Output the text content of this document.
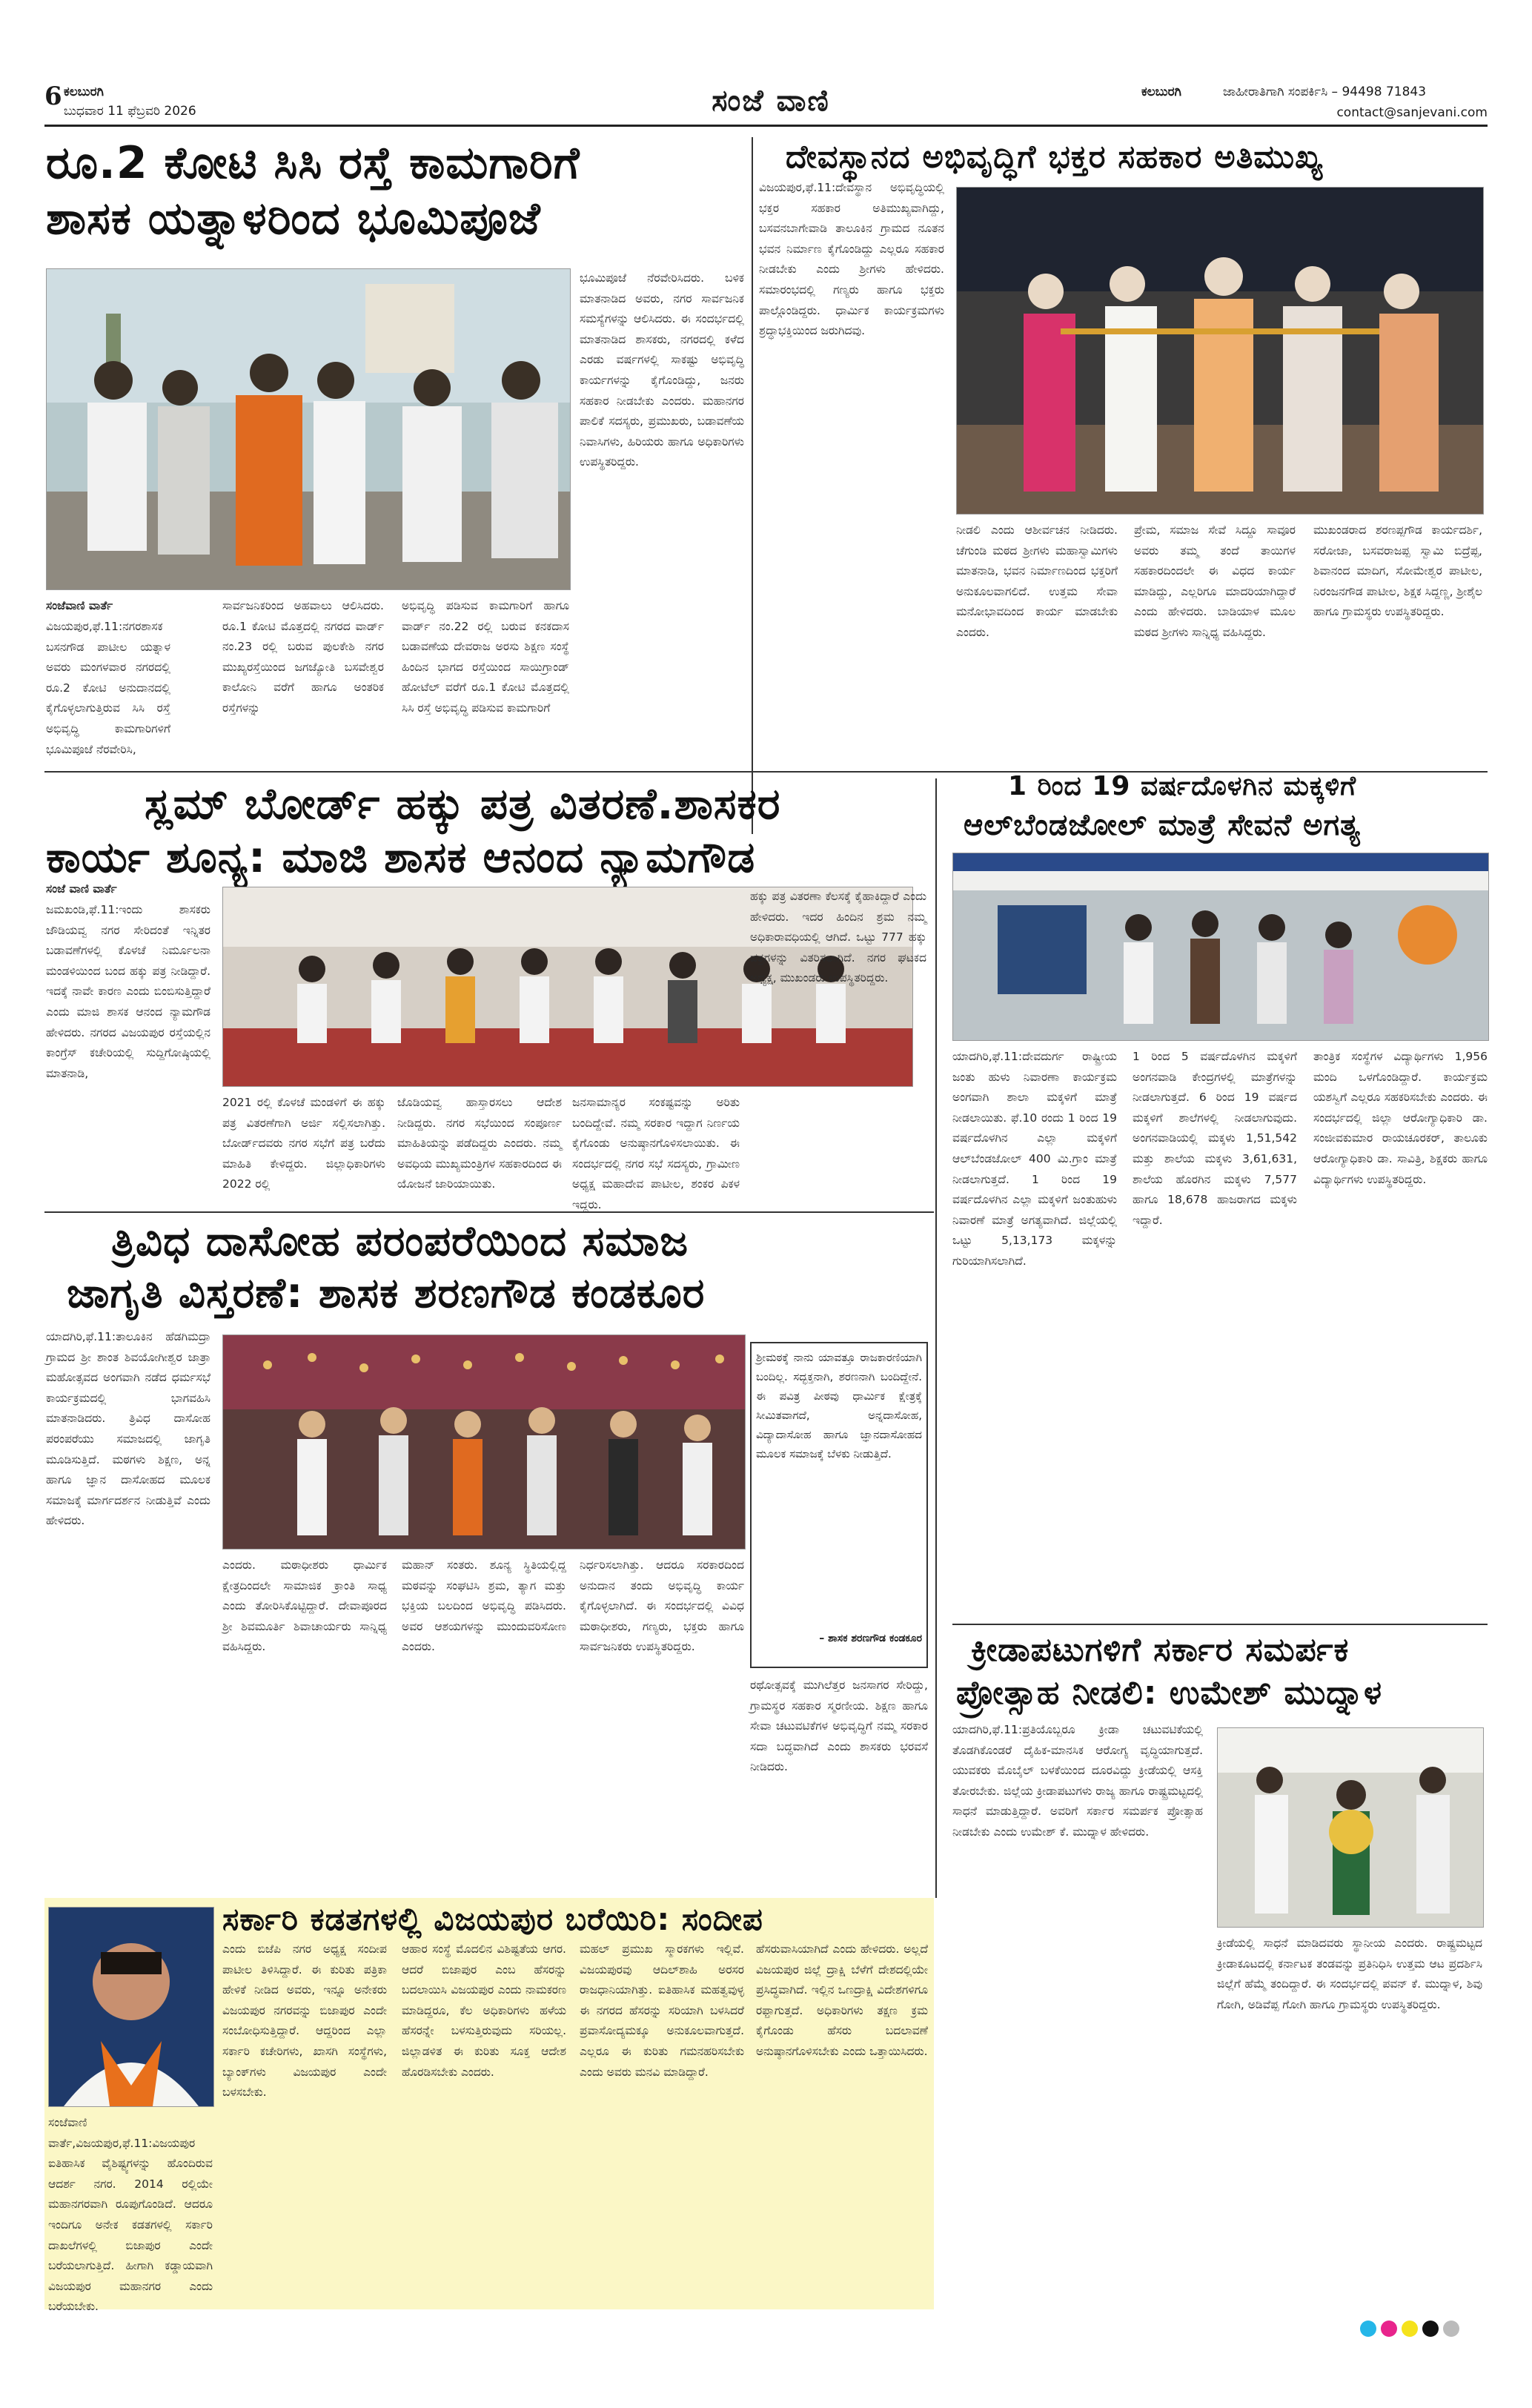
6 ಕಲಬುರಗಿ
ಬುಧವಾರ 11 ಫೆಬ್ರವರಿ 2026	ಸಂಜೆ ವಾಣಿ	ಕಲಬುರಗಿ	ಜಾಹೀರಾತಿಗಾಗಿ ಸಂಪರ್ಕಿಸಿ – 94498 71843
contact@sanjevani.com
ರೂ.2 ಕೋಟಿ ಸಿಸಿ ರಸ್ತೆ ಕಾಮಗಾರಿಗೆ
ಶಾಸಕ ಯತ್ನಾಳರಿಂದ ಭೂಮಿಪೂಜೆ
ಸಂಜೆವಾಣಿ ವಾರ್ತೆ
ವಿಜಯಪುರ,ಫೆ.11:ನಗರಶಾಸಕ ಬಸನಗೌಡ ಪಾಟೀಲ ಯತ್ನಾಳ ಅವರು ಮಂಗಳವಾರ ನಗರದಲ್ಲಿ ರೂ.2 ಕೋಟಿ ಅನುದಾನದಲ್ಲಿ ಕೈಗೊಳ್ಳಲಾಗುತ್ತಿರುವ ಸಿಸಿ ರಸ್ತೆ ಅಭಿವೃದ್ಧಿ ಕಾಮಗಾರಿಗಳಿಗೆ ಭೂಮಿಪೂಜೆ ನೆರವೇರಿಸಿ,
ಸಾರ್ವಜನಿಕರಿಂದ ಅಹವಾಲು ಆಲಿಸಿದರು. ರೂ.1 ಕೋಟಿ ಮೊತ್ತದಲ್ಲಿ ನಗರದ ವಾರ್ಡ್ ನಂ.23 ರಲ್ಲಿ ಬರುವ ಪುಲಕೇಶಿ ನಗರ ಮುಖ್ಯರಸ್ತೆಯಿಂದ ಜಗಜ್ಯೋತಿ ಬಸವೇಶ್ವರ ಕಾಲೋನಿ ವರೆಗೆ ಹಾಗೂ ಅಂತರಿಕ ರಸ್ತೆಗಳನ್ನು
ಅಭಿವೃದ್ಧಿ ಪಡಿಸುವ ಕಾಮಗಾರಿಗೆ ಹಾಗೂ ವಾರ್ಡ್ ನಂ.22 ರಲ್ಲಿ ಬರುವ ಕನಕದಾಸ ಬಡಾವಣೆಯ ದೇವರಾಜ ಅರಸು ಶಿಕ್ಷಣ ಸಂಸ್ಥೆ ಹಿಂದಿನ ಭಾಗದ ರಸ್ತೆಯಿಂದ ಸಾಯಿಗ್ರಾಂಡ್ ಹೋಟೆಲ್ ವರೆಗೆ ರೂ.1 ಕೋಟಿ ಮೊತ್ತದಲ್ಲಿ ಸಿಸಿ ರಸ್ತೆ ಅಭಿವೃದ್ಧಿ ಪಡಿಸುವ ಕಾಮಗಾರಿಗೆ
ಭೂಮಿಪೂಜೆ ನೆರವೇರಿಸಿದರು. ಬಳಿಕ ಮಾತನಾಡಿದ ಅವರು, ನಗರ ಸಾರ್ವಜನಿಕ ಸಮಸ್ಯೆಗಳನ್ನು ಆಲಿಸಿದರು. ಈ ಸಂದರ್ಭದಲ್ಲಿ ಮಾತನಾಡಿದ ಶಾಸಕರು, ನಗರದಲ್ಲಿ ಕಳೆದ ಎರಡು ವರ್ಷಗಳಲ್ಲಿ ಸಾಕಷ್ಟು ಅಭಿವೃದ್ಧಿ ಕಾರ್ಯಗಳನ್ನು ಕೈಗೊಂಡಿದ್ದು, ಜನರು ಸಹಕಾರ ನೀಡಬೇಕು ಎಂದರು. ಮಹಾನಗರ ಪಾಲಿಕೆ ಸದಸ್ಯರು, ಪ್ರಮುಖರು, ಬಡಾವಣೆಯ ನಿವಾಸಿಗಳು, ಹಿರಿಯರು ಹಾಗೂ ಅಧಿಕಾರಿಗಳು ಉಪಸ್ಥಿತರಿದ್ದರು.
ದೇವಸ್ಥಾನದ ಅಭಿವೃದ್ಧಿಗೆ ಭಕ್ತರ ಸಹಕಾರ ಅತಿಮುಖ್ಯ
ವಿಜಯಪುರ,ಫೆ.11:ದೇವಸ್ಥಾನ ಅಭಿವೃದ್ಧಿಯಲ್ಲಿ ಭಕ್ತರ ಸಹಕಾರ ಅತಿಮುಖ್ಯವಾಗಿದ್ದು, ಬಸವನಬಾಗೇವಾಡಿ ತಾಲೂಕಿನ ಗ್ರಾಮದ ನೂತನ ಭವನ ನಿರ್ಮಾಣ ಕೈಗೊಂಡಿದ್ದು ಎಲ್ಲರೂ ಸಹಕಾರ ನೀಡಬೇಕು ಎಂದು ಶ್ರೀಗಳು ಹೇಳಿದರು. ಸಮಾರಂಭದಲ್ಲಿ ಗಣ್ಯರು ಹಾಗೂ ಭಕ್ತರು ಪಾಲ್ಗೊಂಡಿದ್ದರು. ಧಾರ್ಮಿಕ ಕಾರ್ಯಕ್ರಮಗಳು ಶ್ರದ್ಧಾಭಕ್ತಿಯಿಂದ ಜರುಗಿದವು.
ನೀಡಲಿ ಎಂದು ಆಶೀರ್ವಚನ ನೀಡಿದರು. ಚೆಗುಂಡಿ ಮಠದ ಶ್ರೀಗಳು ಮಹಾಸ್ವಾಮಿಗಳು ಮಾತನಾಡಿ, ಭವನ ನಿರ್ಮಾಣದಿಂದ ಭಕ್ತರಿಗೆ ಅನುಕೂಲವಾಗಲಿದೆ. ಉತ್ತಮ ಸೇವಾ ಮನೋಭಾವದಿಂದ ಕಾರ್ಯ ಮಾಡಬೇಕು ಎಂದರು.
ಪ್ರೇಮ, ಸಮಾಜ ಸೇವೆ ಸಿದ್ದೂ ಸಾವೂರ ಅವರು ತಮ್ಮ ತಂದೆ ತಾಯಿಗಳ ಸಹಕಾರದಿಂದಲೇ ಈ ವಿಧದ ಕಾರ್ಯ ಮಾಡಿದ್ದು, ಎಲ್ಲರಿಗೂ ಮಾದರಿಯಾಗಿದ್ದಾರೆ ಎಂದು ಹೇಳಿದರು. ಬಾಡಿಯಾಳ ಮೂಲ ಮಠದ ಶ್ರೀಗಳು ಸಾನ್ನಿಧ್ಯ ವಹಿಸಿದ್ದರು.
ಮುಖಂಡರಾದ ಶರಣಪ್ಪಗೌಡ ಕಾರ್ಯದರ್ಶಿ, ಸರೋಜಾ, ಬಸವರಾಜಪ್ಪ ಸ್ವಾಮಿ ಬಿದ್ರೆಪ್ಪ, ಶಿವಾನಂದ ಮಾದಿಗ, ಸೋಮೇಶ್ವರ ಪಾಟೀಲ, ನಿರಂಜನಗೌಡ ಪಾಟೀಲ, ಶಿಕ್ಷಕ ಸಿದ್ದಣ್ಣ, ಶ್ರೀಶೈಲ ಹಾಗೂ ಗ್ರಾಮಸ್ಥರು ಉಪಸ್ಥಿತರಿದ್ದರು.
ಸ್ಲಮ್ ಬೋರ್ಡ್ ಹಕ್ಕು ಪತ್ರ ವಿತರಣೆ.ಶಾಸಕರ
ಕಾರ್ಯ ಶೂನ್ಯ: ಮಾಜಿ ಶಾಸಕ ಆನಂದ ನ್ಯಾಮಗೌಡ
ಸಂಜೆ ವಾಣಿ ವಾರ್ತೆ
ಜಮಖಂಡಿ,ಫೆ.11:ಇಂದು ಶಾಸಕರು ಜೌಡಿಯವ್ವ ನಗರ ಸೇರಿದಂತೆ ಇನ್ನಿತರ ಬಡಾವಣೆಗಳಲ್ಲಿ ಕೊಳಚೆ ನಿರ್ಮೂಲನಾ ಮಂಡಳಿಯಿಂದ ಬಂದ ಹಕ್ಕು ಪತ್ರ ನೀಡಿದ್ದಾರೆ. ಇದಕ್ಕೆ ನಾವೇ ಕಾರಣ ಎಂದು ಬಿಂಬಿಸುತ್ತಿದ್ದಾರೆ ಎಂದು ಮಾಜಿ ಶಾಸಕ ಆನಂದ ನ್ಯಾಮಗೌಡ ಹೇಳಿದರು. ನಗರದ ವಿಜಯಪುರ ರಸ್ತೆಯಲ್ಲಿನ ಕಾಂಗ್ರೆಸ್ ಕಚೇರಿಯಲ್ಲಿ ಸುದ್ದಿಗೋಷ್ಠಿಯಲ್ಲಿ ಮಾತನಾಡಿ,
2021 ರಲ್ಲಿ ಕೊಳಚೆ ಮಂಡಳಿಗೆ ಈ ಹಕ್ಕು ಪತ್ರ ವಿತರಣೆಗಾಗಿ ಅರ್ಜಿ ಸಲ್ಲಿಸಲಾಗಿತ್ತು. ಬೋರ್ಡ್‌ದವರು ನಗರ ಸಭೆಗೆ ಪತ್ರ ಬರೆದು ಮಾಹಿತಿ ಕೇಳಿದ್ದರು. ಜಿಲ್ಲಾಧಿಕಾರಿಗಳು 2022 ರಲ್ಲಿ
ಜೊಡಿಯವ್ವ ಹಾಸ್ತಾರಸಲು ಆದೇಶ ನೀಡಿದ್ದರು. ನಗರ ಸಭೆಯಿಂದ ಸಂಪೂರ್ಣ ಮಾಹಿತಿಯನ್ನು ಪಡೆದಿದ್ದರು ಎಂದರು. ನಮ್ಮ ಅವಧಿಯ ಮುಖ್ಯಮಂತ್ರಿಗಳ ಸಹಕಾರದಿಂದ ಈ ಯೋಜನೆ ಜಾರಿಯಾಯಿತು.
ಜನಸಾಮಾನ್ಯರ ಸಂಕಷ್ಟವನ್ನು ಅರಿತು ಬಂದಿದ್ದೇವೆ. ನಮ್ಮ ಸರಕಾರ ಇದ್ದಾಗ ನಿರ್ಣಯ ಕೈಗೊಂಡು ಅನುಷ್ಠಾನಗೊಳಿಸಲಾಯಿತು. ಈ ಸಂದರ್ಭದಲ್ಲಿ ನಗರ ಸಭೆ ಸದಸ್ಯರು, ಗ್ರಾಮೀಣ ಅಧ್ಯಕ್ಷ ಮಹಾದೇವ ಪಾಟೀಲ, ಶಂಕರ ಪಿಕಳ ಇದ್ದರು.
ಹಕ್ಕು ಪತ್ರ ವಿತರಣಾ ಕೆಲಸಕ್ಕೆ ಕೈಹಾಕಿದ್ದಾರೆ ಎಂದು ಹೇಳಿದರು. ಇದರ ಹಿಂದಿನ ಶ್ರಮ ನಮ್ಮ ಅಧಿಕಾರಾವಧಿಯಲ್ಲಿ ಆಗಿದೆ. ಒಟ್ಟು 777 ಹಕ್ಕು ಪತ್ರಗಳನ್ನು ವಿತರಿಸಲಾಗಿದೆ. ನಗರ ಘಟಕದ ಅಧ್ಯಕ್ಷ, ಮುಖಂಡರು ಉಪಸ್ಥಿತರಿದ್ದರು.
1 ರಿಂದ 19 ವರ್ಷದೊಳಗಿನ ಮಕ್ಕಳಿಗೆ
ಆಲ್‌ಬೆಂಡಜೋಲ್ ಮಾತ್ರೆ ಸೇವನೆ ಅಗತ್ಯ
ಯಾದಗಿರಿ,ಫೆ.11:ದೇವದುರ್ಗ ರಾಷ್ಟ್ರೀಯ ಜಂತು ಹುಳು ನಿವಾರಣಾ ಕಾರ್ಯಕ್ರಮ ಅಂಗವಾಗಿ ಶಾಲಾ ಮಕ್ಕಳಿಗೆ ಮಾತ್ರೆ ನೀಡಲಾಯಿತು. ಫೆ.10 ರಂದು 1 ರಿಂದ 19 ವರ್ಷದೊಳಗಿನ ಎಲ್ಲಾ ಮಕ್ಕಳಿಗೆ ಆಲ್‌ಬೆಂಡಜೋಲ್ 400 ಮಿ.ಗ್ರಾಂ ಮಾತ್ರೆ ನೀಡಲಾಗುತ್ತದೆ. 1 ರಿಂದ 19 ವರ್ಷದೊಳಗಿನ ಎಲ್ಲಾ ಮಕ್ಕಳಿಗೆ ಜಂತುಹುಳು ನಿವಾರಣೆ ಮಾತ್ರೆ ಅಗತ್ಯವಾಗಿದೆ. ಜಿಲ್ಲೆಯಲ್ಲಿ ಒಟ್ಟು 5,13,173 ಮಕ್ಕಳನ್ನು ಗುರಿಯಾಗಿಸಲಾಗಿದೆ.
1 ರಿಂದ 5 ವರ್ಷದೊಳಗಿನ ಮಕ್ಕಳಿಗೆ ಅಂಗನವಾಡಿ ಕೇಂದ್ರಗಳಲ್ಲಿ ಮಾತ್ರೆಗಳನ್ನು ನೀಡಲಾಗುತ್ತದೆ. 6 ರಿಂದ 19 ವರ್ಷದ ಮಕ್ಕಳಿಗೆ ಶಾಲೆಗಳಲ್ಲಿ ನೀಡಲಾಗುವುದು. ಅಂಗನವಾಡಿಯಲ್ಲಿ ಮಕ್ಕಳು 1,51,542 ಮತ್ತು ಶಾಲೆಯ ಮಕ್ಕಳು 3,61,631, ಶಾಲೆಯ ಹೊರಗಿನ ಮಕ್ಕಳು 7,577 ಹಾಗೂ 18,678 ಹಾಜರಾಗದ ಮಕ್ಕಳು ಇದ್ದಾರೆ.
ತಾಂತ್ರಿಕ ಸಂಸ್ಥೆಗಳ ವಿದ್ಯಾರ್ಥಿಗಳು 1,956 ಮಂದಿ ಒಳಗೊಂಡಿದ್ದಾರೆ. ಕಾರ್ಯಕ್ರಮ ಯಶಸ್ವಿಗೆ ಎಲ್ಲರೂ ಸಹಕರಿಸಬೇಕು ಎಂದರು. ಈ ಸಂದರ್ಭದಲ್ಲಿ ಜಿಲ್ಲಾ ಆರೋಗ್ಯಾಧಿಕಾರಿ ಡಾ. ಸಂಜೀವಕುಮಾರ ರಾಯಚೂರಕರ್, ತಾಲೂಕು ಆರೋಗ್ಯಾಧಿಕಾರಿ ಡಾ. ಸಾವಿತ್ರಿ, ಶಿಕ್ಷಕರು ಹಾಗೂ ವಿದ್ಯಾರ್ಥಿಗಳು ಉಪಸ್ಥಿತರಿದ್ದರು.
ತ್ರಿವಿಧ ದಾಸೋಹ ಪರಂಪರೆಯಿಂದ ಸಮಾಜ
ಜಾಗೃತಿ ವಿಸ್ತರಣೆ: ಶಾಸಕ ಶರಣಗೌಡ ಕಂಡಕೂರ
ಯಾದಗಿರಿ,ಫೆ.11:ತಾಲೂಕಿನ ಹೆಡಗಿಮದ್ರಾ ಗ್ರಾಮದ ಶ್ರೀ ಶಾಂತ ಶಿವಯೋಗೀಶ್ವರ ಜಾತ್ರಾ ಮಹೋತ್ಸವದ ಅಂಗವಾಗಿ ನಡೆದ ಧರ್ಮಸಭೆ ಕಾರ್ಯಕ್ರಮದಲ್ಲಿ ಭಾಗವಹಿಸಿ ಮಾತನಾಡಿದರು. ತ್ರಿವಿಧ ದಾಸೋಹ ಪರಂಪರೆಯು ಸಮಾಜದಲ್ಲಿ ಜಾಗೃತಿ ಮೂಡಿಸುತ್ತಿದೆ. ಮಠಗಳು ಶಿಕ್ಷಣ, ಅನ್ನ ಹಾಗೂ ಜ್ಞಾನ ದಾಸೋಹದ ಮೂಲಕ ಸಮಾಜಕ್ಕೆ ಮಾರ್ಗದರ್ಶನ ನೀಡುತ್ತಿವೆ ಎಂದು ಹೇಳಿದರು.
ಎಂದರು. ಮಠಾಧೀಶರು ಧಾರ್ಮಿಕ ಕ್ಷೇತ್ರದಿಂದಲೇ ಸಾಮಾಜಿಕ ಕ್ರಾಂತಿ ಸಾಧ್ಯ ಎಂದು ತೋರಿಸಿಕೊಟ್ಟಿದ್ದಾರೆ. ದೇವಾಪೂರದ ಶ್ರೀ ಶಿವಮೂರ್ತಿ ಶಿವಾಚಾರ್ಯರು ಸಾನ್ನಿಧ್ಯ ವಹಿಸಿದ್ದರು.
ಮಹಾನ್ ಸಂತರು. ಶೂನ್ಯ ಸ್ಥಿತಿಯಲ್ಲಿದ್ದ ಮಠವನ್ನು ಸಂಘಟಿಸಿ ಶ್ರಮ, ತ್ಯಾಗ ಮತ್ತು ಭಕ್ತಿಯ ಬಲದಿಂದ ಅಭಿವೃದ್ಧಿ ಪಡಿಸಿದರು. ಅವರ ಆಶಯಗಳನ್ನು ಮುಂದುವರಿಸೋಣ ಎಂದರು.
ನಿರ್ಧರಿಸಲಾಗಿತ್ತು. ಆದರೂ ಸರಕಾರದಿಂದ ಅನುದಾನ ತಂದು ಅಭಿವೃದ್ಧಿ ಕಾರ್ಯ ಕೈಗೊಳ್ಳಲಾಗಿದೆ. ಈ ಸಂದರ್ಭದಲ್ಲಿ ವಿವಿಧ ಮಠಾಧೀಶರು, ಗಣ್ಯರು, ಭಕ್ತರು ಹಾಗೂ ಸಾರ್ವಜನಿಕರು ಉಪಸ್ಥಿತರಿದ್ದರು.
ಶ್ರೀಮಠಕ್ಕೆ ನಾನು ಯಾವತ್ತೂ ರಾಜಕಾರಣಿಯಾಗಿ ಬಂದಿಲ್ಲ. ಸದ್ಭಕ್ತನಾಗಿ, ಶರಣನಾಗಿ ಬಂದಿದ್ದೇನೆ. ಈ ಪವಿತ್ರ ಪೀಠವು ಧಾರ್ಮಿಕ ಕ್ಷೇತ್ರಕ್ಕೆ ಸೀಮಿತವಾಗದೆ, ಅನ್ನದಾಸೋಹ, ವಿದ್ಯಾದಾಸೋಹ ಹಾಗೂ ಜ್ಞಾನದಾಸೋಹದ ಮೂಲಕ ಸಮಾಜಕ್ಕೆ ಬೆಳಕು ನೀಡುತ್ತಿದೆ.
– ಶಾಸಕ ಶರಣಗೌಡ ಕಂಡಕೂರ
ರಥೋತ್ಸವಕ್ಕೆ ಮುಗಿಲೆತ್ತರ ಜನಸಾಗರ ಸೇರಿದ್ದು, ಗ್ರಾಮಸ್ಥರ ಸಹಕಾರ ಸ್ಮರಣೀಯ. ಶಿಕ್ಷಣ ಹಾಗೂ ಸೇವಾ ಚಟುವಟಿಕೆಗಳ ಅಭಿವೃದ್ಧಿಗೆ ನಮ್ಮ ಸರಕಾರ ಸದಾ ಬದ್ಧವಾಗಿದೆ ಎಂದು ಶಾಸಕರು ಭರವಸೆ ನೀಡಿದರು.
ಕ್ರೀಡಾಪಟುಗಳಿಗೆ ಸರ್ಕಾರ ಸಮರ್ಪಕ
ಪ್ರೋತ್ಸಾಹ ನೀಡಲಿ: ಉಮೇಶ್ ಮುದ್ನಾಳ
ಯಾದಗಿರಿ,ಫೆ.11:ಪ್ರತಿಯೊಬ್ಬರೂ ಕ್ರೀಡಾ ಚಟುವಟಿಕೆಯಲ್ಲಿ ತೊಡಗಿಕೊಂಡರೆ ದೈಹಿಕ-ಮಾನಸಿಕ ಆರೋಗ್ಯ ವೃದ್ಧಿಯಾಗುತ್ತದೆ. ಯುವಕರು ಮೊಬೈಲ್ ಬಳಕೆಯಿಂದ ದೂರವಿದ್ದು ಕ್ರೀಡೆಯಲ್ಲಿ ಆಸಕ್ತಿ ತೋರಬೇಕು. ಜಿಲ್ಲೆಯ ಕ್ರೀಡಾಪಟುಗಳು ರಾಜ್ಯ ಹಾಗೂ ರಾಷ್ಟ್ರಮಟ್ಟದಲ್ಲಿ ಸಾಧನೆ ಮಾಡುತ್ತಿದ್ದಾರೆ. ಅವರಿಗೆ ಸರ್ಕಾರ ಸಮರ್ಪಕ ಪ್ರೋತ್ಸಾಹ ನೀಡಬೇಕು ಎಂದು ಉಮೇಶ್ ಕೆ. ಮುದ್ನಾಳ ಹೇಳಿದರು.
ಕ್ರೀಡೆಯಲ್ಲಿ ಸಾಧನೆ ಮಾಡಿದವರು ಸ್ಥಾನೀಯ ಎಂದರು. ರಾಷ್ಟ್ರಮಟ್ಟದ ಕ್ರೀಡಾಕೂಟದಲ್ಲಿ ಕರ್ನಾಟಕ ತಂಡವನ್ನು ಪ್ರತಿನಿಧಿಸಿ ಉತ್ತಮ ಆಟ ಪ್ರದರ್ಶಿಸಿ ಜಿಲ್ಲೆಗೆ ಹೆಮ್ಮೆ ತಂದಿದ್ದಾರೆ. ಈ ಸಂದರ್ಭದಲ್ಲಿ ಪವನ್ ಕೆ. ಮುದ್ನಾಳ, ಶಿವು ಗೋಗಿ, ಅಡಿವೆಪ್ಪ ಗೋಗಿ ಹಾಗೂ ಗ್ರಾಮಸ್ಥರು ಉಪಸ್ಥಿತರಿದ್ದರು.
ಸರ್ಕಾರಿ ಕಡತಗಳಲ್ಲಿ ವಿಜಯಪುರ ಬರೆಯಿರಿ: ಸಂದೀಪ
ಸಂಜೆವಾಣಿ ವಾರ್ತೆ,ವಿಜಯಪುರ,ಫೆ.11:ವಿಜಯಪುರ ಐತಿಹಾಸಿಕ ವೈಶಿಷ್ಟ್ಯಗಳನ್ನು ಹೊಂದಿರುವ ಆದರ್ಶ ನಗರ. 2014 ರಲ್ಲಿಯೇ ಮಹಾನಗರವಾಗಿ ರೂಪುಗೊಂಡಿದೆ. ಆದರೂ ಇಂದಿಗೂ ಅನೇಕ ಕಡತಗಳಲ್ಲಿ ಸರ್ಕಾರಿ ದಾಖಲೆಗಳಲ್ಲಿ ಬಿಜಾಪುರ ಎಂದೇ ಬರೆಯಲಾಗುತ್ತಿದೆ. ಹೀಗಾಗಿ ಕಡ್ಡಾಯವಾಗಿ ವಿಜಯಪುರ ಮಹಾನಗರ ಎಂದು ಬರೆಯಬೇಕು.
ಎಂದು ಬಿಜೆಪಿ ನಗರ ಅಧ್ಯಕ್ಷ ಸಂದೀಪ ಪಾಟೀಲ ತಿಳಿಸಿದ್ದಾರೆ. ಈ ಕುರಿತು ಪತ್ರಿಕಾ ಹೇಳಿಕೆ ನೀಡಿದ ಅವರು, ಇನ್ನೂ ಅನೇಕರು ವಿಜಯಪುರ ನಗರವನ್ನು ಬಿಜಾಪುರ ಎಂದೇ ಸಂಬೋಧಿಸುತ್ತಿದ್ದಾರೆ. ಆದ್ದರಿಂದ ಎಲ್ಲಾ ಸರ್ಕಾರಿ ಕಚೇರಿಗಳು, ಖಾಸಗಿ ಸಂಸ್ಥೆಗಳು, ಬ್ಯಾಂಕ್‌ಗಳು ವಿಜಯಪುರ ಎಂದೇ ಬಳಸಬೇಕು.
ಆಹಾರ ಸಂಸ್ಥೆ ಮೊದಲಿನ ವಿಶಿಷ್ಟತೆಯ ಆಗರ. ಆದರೆ ಬಿಜಾಪುರ ಎಂಬ ಹೆಸರನ್ನು ಬದಲಾಯಿಸಿ ವಿಜಯಪುರ ಎಂದು ನಾಮಕರಣ ಮಾಡಿದ್ದರೂ, ಕೆಲ ಅಧಿಕಾರಿಗಳು ಹಳೆಯ ಹೆಸರನ್ನೇ ಬಳಸುತ್ತಿರುವುದು ಸರಿಯಲ್ಲ. ಜಿಲ್ಲಾಡಳಿತ ಈ ಕುರಿತು ಸೂಕ್ತ ಆದೇಶ ಹೊರಡಿಸಬೇಕು ಎಂದರು.
ಮಹಲ್ ಪ್ರಮುಖ ಸ್ಮಾರಕಗಳು ಇಲ್ಲಿವೆ. ವಿಜಯಪುರವು ಆದಿಲ್‌ಶಾಹಿ ಅರಸರ ರಾಜಧಾನಿಯಾಗಿತ್ತು. ಐತಿಹಾಸಿಕ ಮಹತ್ವವುಳ್ಳ ಈ ನಗರದ ಹೆಸರನ್ನು ಸರಿಯಾಗಿ ಬಳಸಿದರೆ ಪ್ರವಾಸೋದ್ಯಮಕ್ಕೂ ಅನುಕೂಲವಾಗುತ್ತದೆ. ಎಲ್ಲರೂ ಈ ಕುರಿತು ಗಮನಹರಿಸಬೇಕು ಎಂದು ಅವರು ಮನವಿ ಮಾಡಿದ್ದಾರೆ.
ಹೆಸರುವಾಸಿಯಾಗಿದೆ ಎಂದು ಹೇಳಿದರು. ಅಲ್ಲದೆ ವಿಜಯಪುರ ಜಿಲ್ಲೆ ದ್ರಾಕ್ಷಿ ಬೆಳೆಗೆ ದೇಶದಲ್ಲಿಯೇ ಪ್ರಸಿದ್ಧವಾಗಿದೆ. ಇಲ್ಲಿನ ಒಣದ್ರಾಕ್ಷಿ ವಿದೇಶಗಳಿಗೂ ರಫ್ತಾಗುತ್ತದೆ. ಅಧಿಕಾರಿಗಳು ತಕ್ಷಣ ಕ್ರಮ ಕೈಗೊಂಡು ಹೆಸರು ಬದಲಾವಣೆ ಅನುಷ್ಠಾನಗೊಳಿಸಬೇಕು ಎಂದು ಒತ್ತಾಯಿಸಿದರು.
